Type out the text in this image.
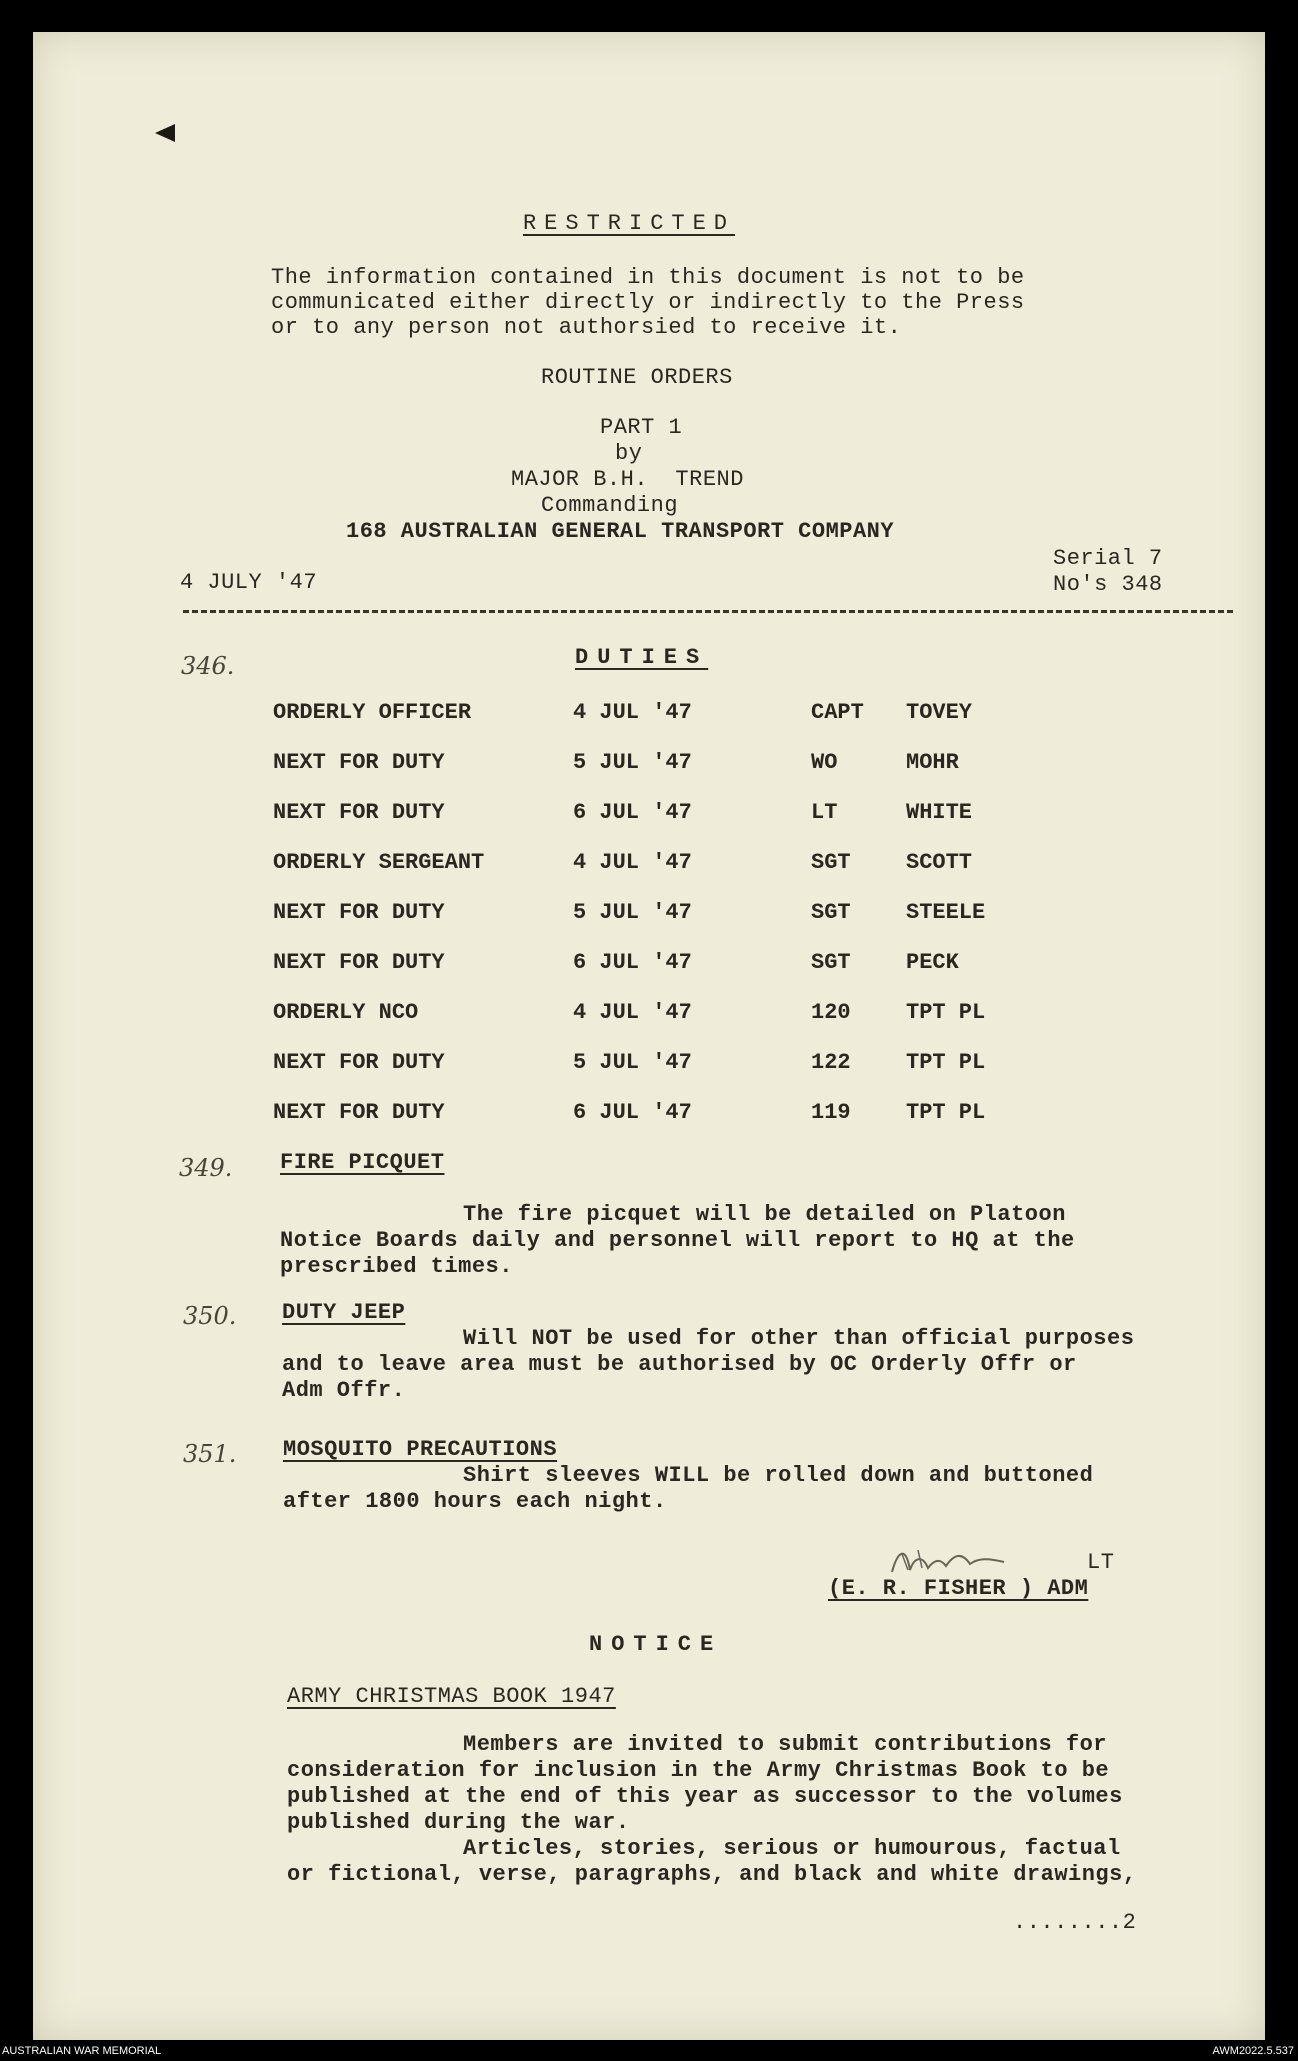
RESTRICTED
The information contained in this document is not to be
communicated either directly or indirectly to the Press
or to any person not authorsied to receive it.
ROUTINE ORDERS
PART 1
by
MAJOR B.H.  TREND
Commanding
168 AUSTRALIAN GENERAL TRANSPORT COMPANY
4 JULY '47
Serial 7
No's 348
346.	DUTIES
ORDERLY OFFICER	4 JUL '47	CAPT TOVEY
NEXT FOR DUTY	5 JUL '47	WO	MOHR
NEXT FOR DUTY	6 JUL '47	LT	WHITE
ORDERLY SERGEANT	4 JUL '47	SGT	SCOTT
NEXT FOR DUTY	5 JUL '47	SGT	STEELE
NEXT FOR DUTY	6 JUL '47	SGT	PECK
ORDERLY NCO	4 JUL '47	120	TPT PL
NEXT FOR DUTY	5 JUL '47	122	TPT PL
NEXT FOR DUTY	6 JUL '47	119	TPT PL
349. FIRE PICQUET
The fire picquet will be detailed on Platoon
Notice Boards daily and personnel will report to HQ at the
prescribed times.
350. DUTY JEEP
Will NOT be used for other than official purposes
and to leave area must be authorised by OC Orderly Offr or
Adm Offr.
351. MOSQUITO PRECAUTIONS
Shirt sleeves WILL be rolled down and buttoned
after 1800 hours each night.
LT
(E. R. FISHER ) ADM
NOTICE
ARMY CHRISTMAS BOOK 1947
Members are invited to submit contributions for
consideration for inclusion in the Army Christmas Book to be
published at the end of this year as successor to the volumes
published during the war.
Articles, stories, serious or humourous, factual
or fictional, verse, paragraphs, and black and white drawings,
........2
AUSTRALIAN WAR MEMORIAL	AWM2022.5.537
